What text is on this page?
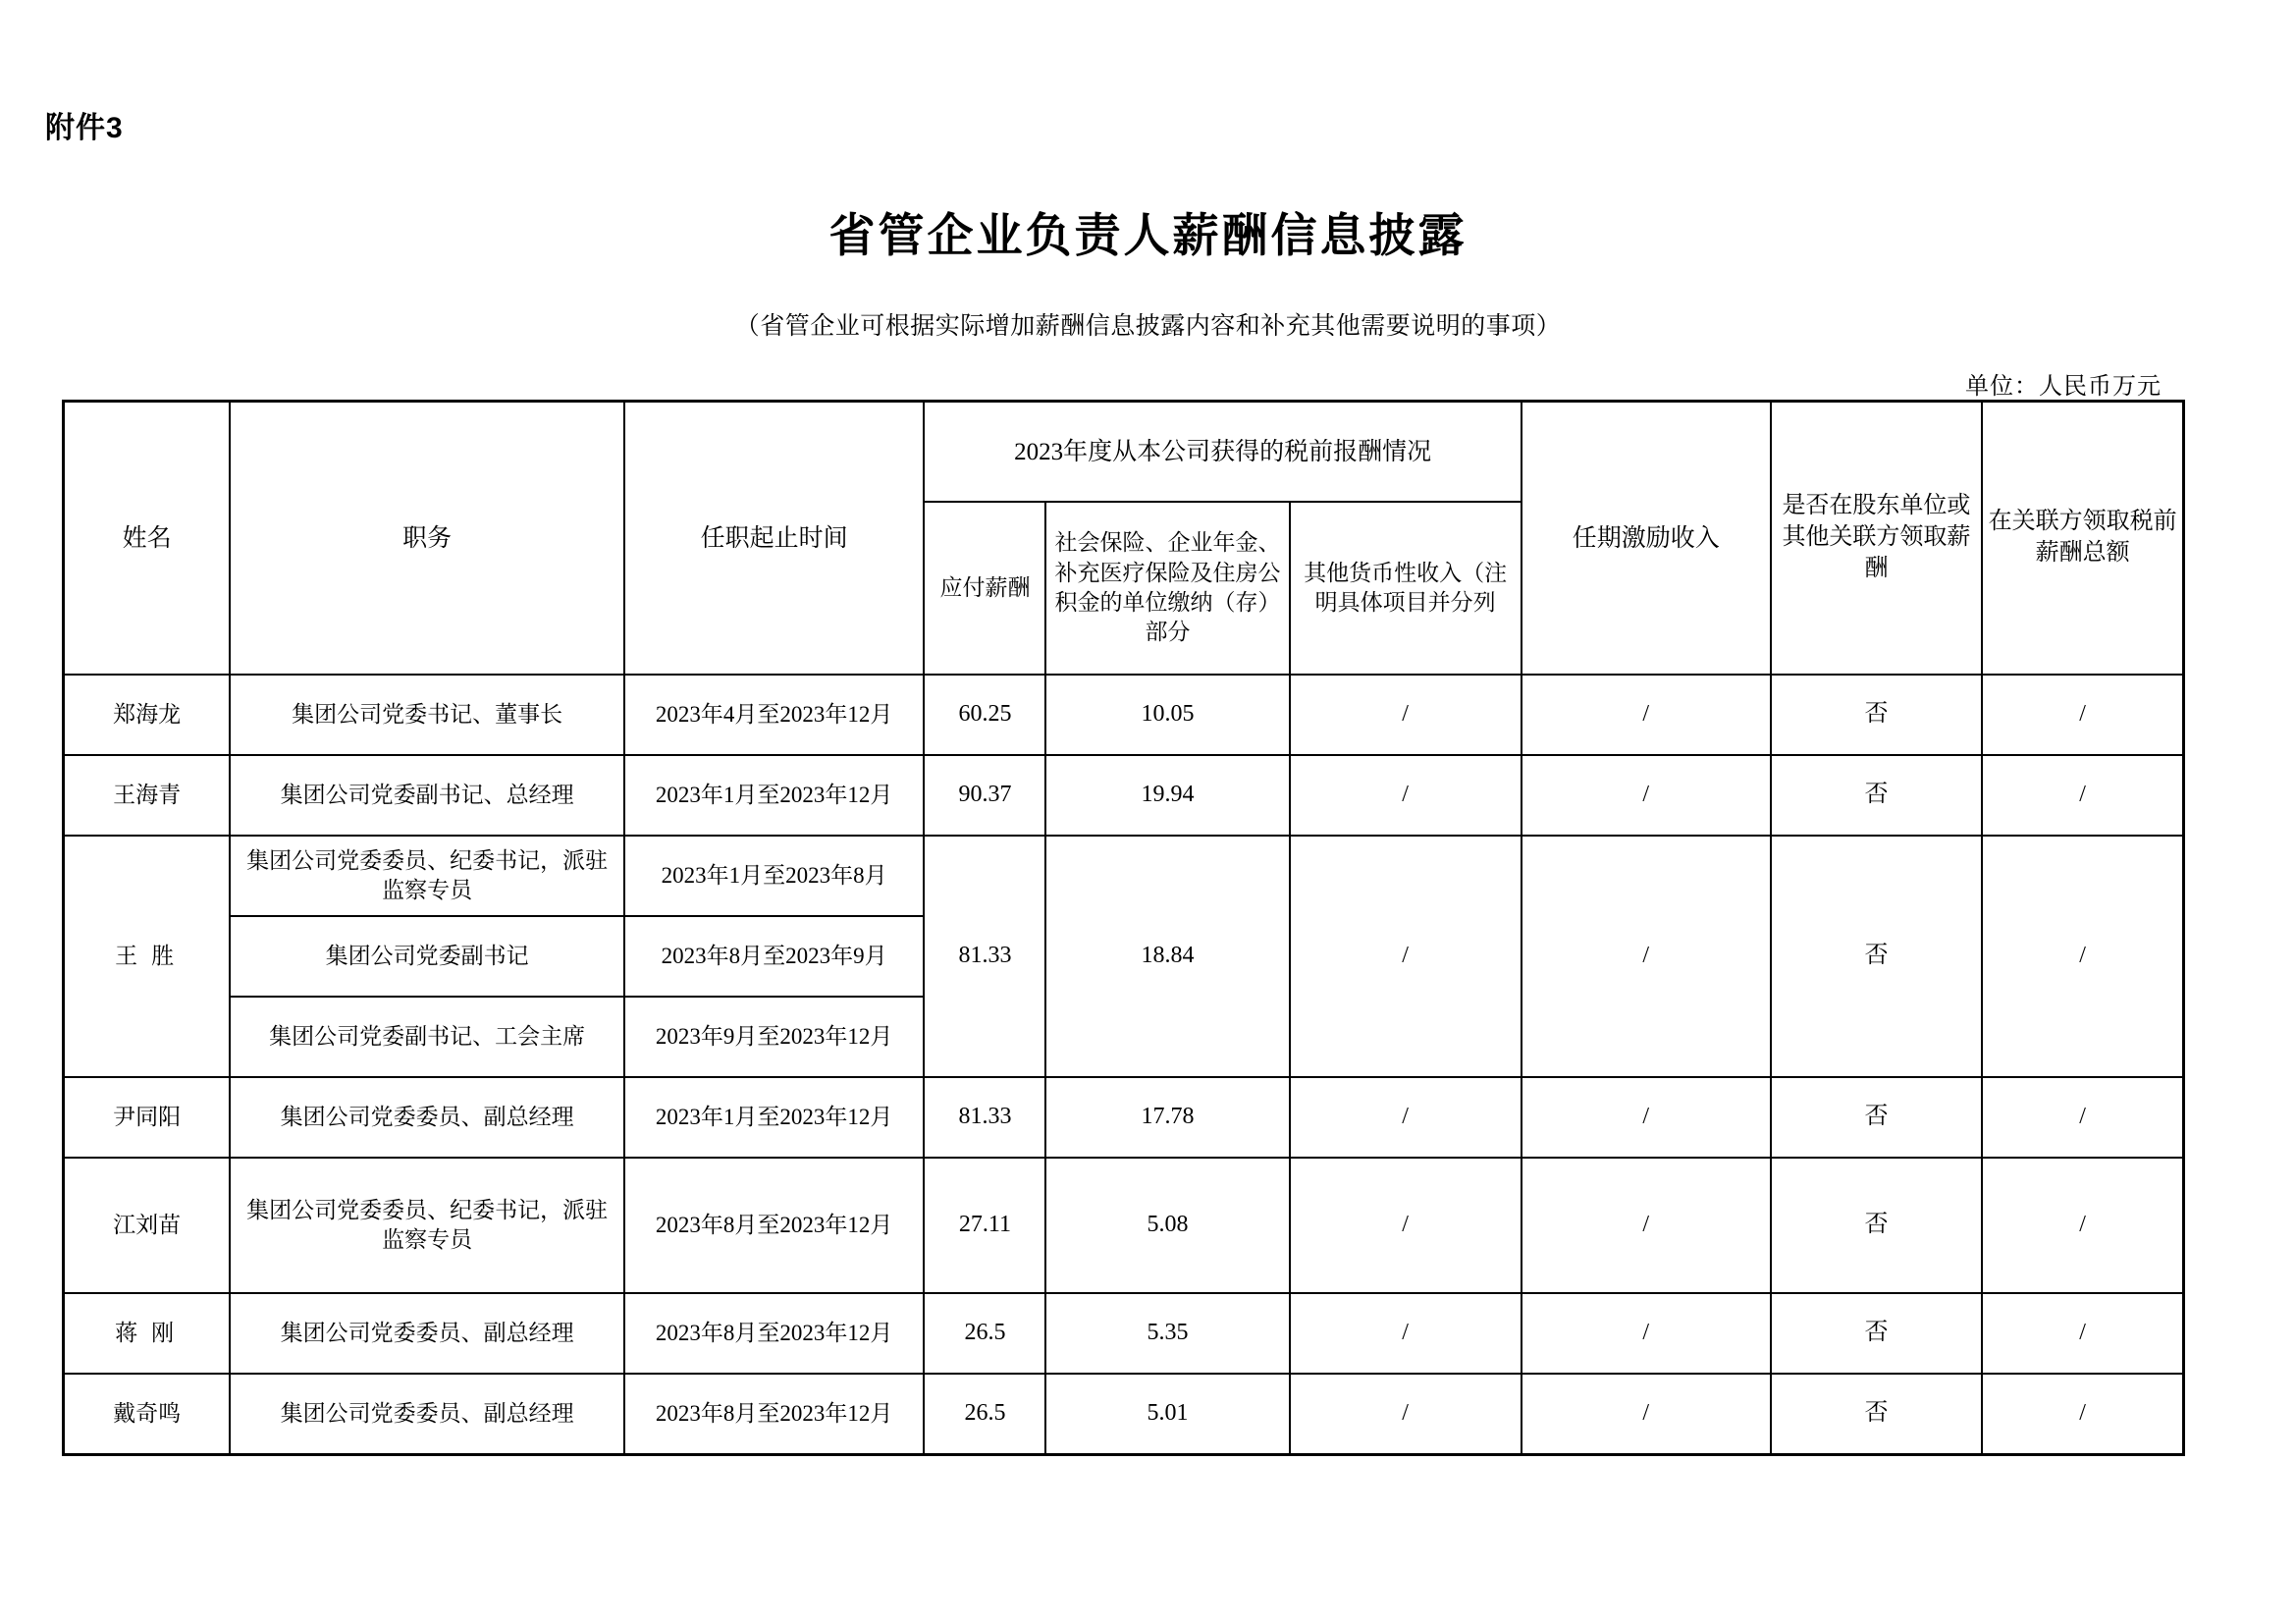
附件3
省管企业负责人薪酬信息披露
（省管企业可根据实际增加薪酬信息披露内容和补充其他需要说明的事项）
单位：人民币万元
姓名	职务	任职起止时间	2023年度从本公司获得的税前报酬情况			任期激励收入	是否在股东单位或其他关联方领取薪酬	在关联方领取税前薪酬总额
			应付薪酬	社会保险、企业年金、补充医疗保险及住房公积金的单位缴纳（存）部分	其他货币性收入（注明具体项目并分列			
郑海龙	集团公司党委书记、董事长	2023年4月至2023年12月	60.25	10.05	/	/	否	/
王海青	集团公司党委副书记、总经理	2023年1月至2023年12月	90.37	19.94	/	/	否	/
王胜	集团公司党委委员、纪委书记，派驻监察专员	2023年1月至2023年8月	81.33	18.84	/	/	否	/
	集团公司党委副书记	2023年8月至2023年9月						
	集团公司党委副书记、工会主席	2023年9月至2023年12月						
尹同阳	集团公司党委委员、副总经理	2023年1月至2023年12月	81.33	17.78	/	/	否	/
江刘苗	集团公司党委委员、纪委书记，派驻监察专员	2023年8月至2023年12月	27.11	5.08	/	/	否	/
蒋刚	集团公司党委委员、副总经理	2023年8月至2023年12月	26.5	5.35	/	/	否	/
戴奇鸣	集团公司党委委员、副总经理	2023年8月至2023年12月	26.5	5.01	/	/	否	/
